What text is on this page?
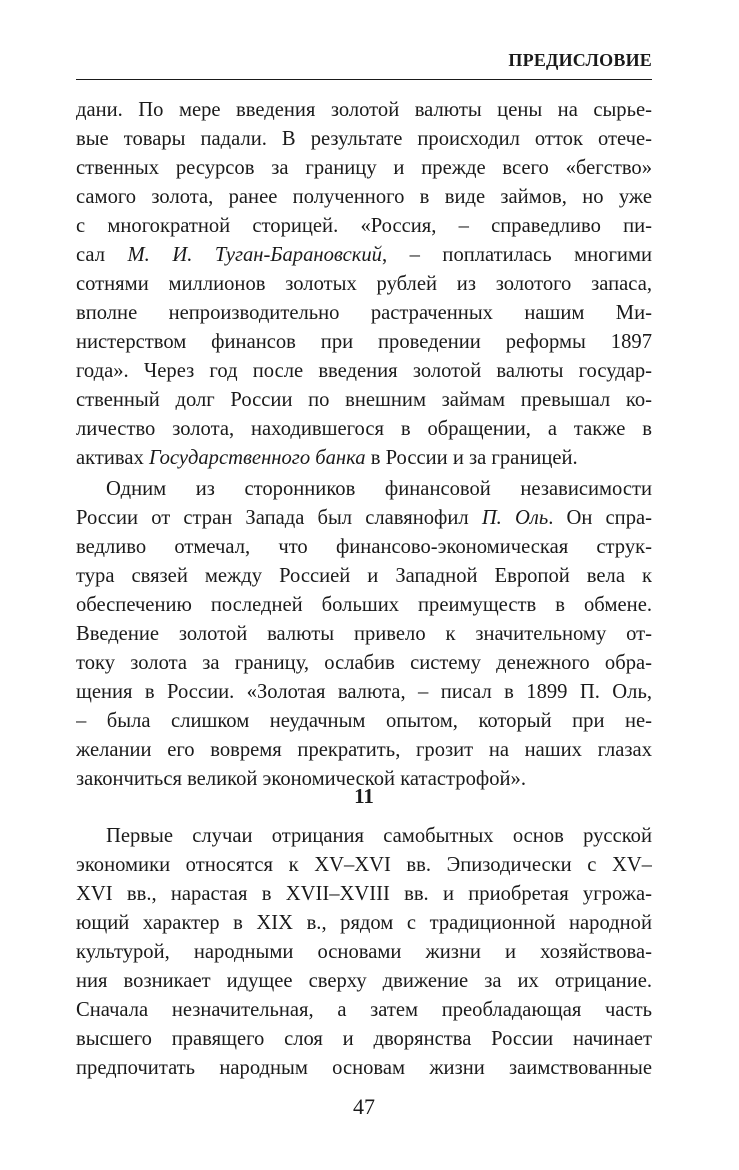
ПРЕДИСЛОВИЕ
дани. По мере введения золотой валюты цены на сырье-
вые товары падали. В результате происходил отток отече-
ственных ресурсов за границу и прежде всего «бегство»
самого золота, ранее полученного в виде займов, но уже
с многократной сторицей. «Россия, – справедливо пи-
сал М. И. Туган-Барановский, – поплатилась многими
сотнями миллионов золотых рублей из золотого запаса,
вполне непроизводительно растраченных нашим Ми-
нистерством финансов при проведении реформы 1897
года». Через год после введения золотой валюты государ-
ственный долг России по внешним займам превышал ко-
личество золота, находившегося в обращении, а также в
активах Государственного банка в России и за границей.
Одним из сторонников финансовой независимости
России от стран Запада был славянофил П. Оль. Он спра-
ведливо отмечал, что финансово-экономическая струк-
тура связей между Россией и Западной Европой вела к
обеспечению последней больших преимуществ в обмене.
Введение золотой валюты привело к значительному от-
току золота за границу, ослабив систему денежного обра-
щения в России. «Золотая валюта, – писал в 1899 П. Оль,
– была слишком неудачным опытом, который при не-
желании его вовремя прекратить, грозит на наших глазах
закончиться великой экономической катастрофой».
11
Первые случаи отрицания самобытных основ русской
экономики относятся к XV–XVI вв. Эпизодически с XV–
XVI вв., нарастая в XVII–XVIII вв. и приобретая угрожа-
ющий характер в XIX в., рядом с традиционной народной
культурой, народными основами жизни и хозяйствова-
ния возникает идущее сверху движение за их отрицание.
Сначала незначительная, а затем преобладающая часть
высшего правящего слоя и дворянства России начинает
предпочитать народным основам жизни заимствованные
47
